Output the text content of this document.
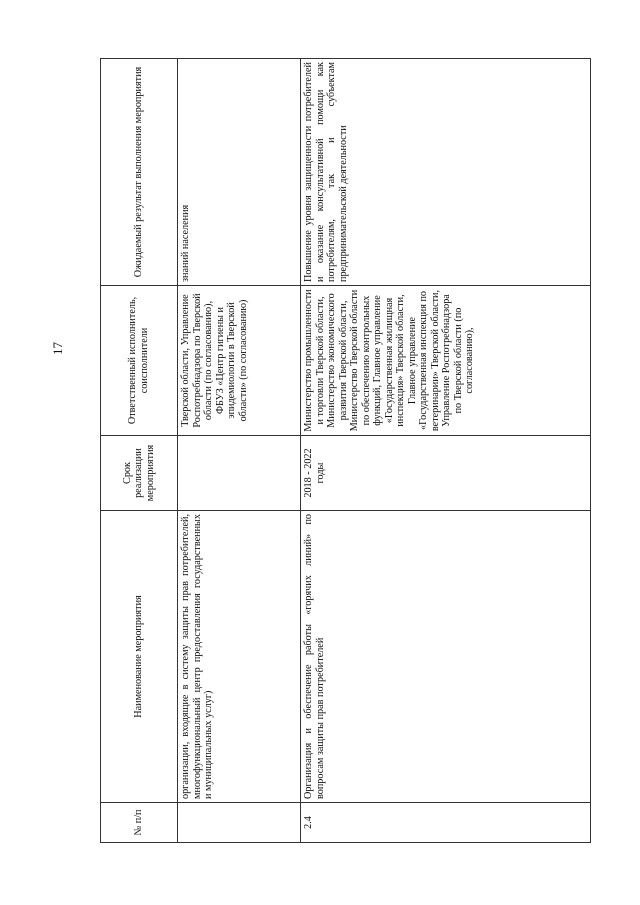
17
№ п/п	Наименование мероприятия	Срок реализации мероприятия	Ответственный исполнитель, соисполнители	Ожидаемый результат выполнения мероприятия
	организации, входящие в систему защиты прав потребителей, многофункциональный центр предоставления государственных и муниципальных услуг)		Тверской области, Управление Роспотребнадзора по Тверской области (по согласованию), ФБУЗ «Центр гигиены и эпидемиологии в Тверской области» (по согласованию)	знаний населения
2.4	Организация и обеспечение работы «горячих линий» по вопросам защиты прав потребителей	2018 - 2022 годы	Министерство промышленности и торговли Тверской области, Министерство экономического развития Тверской области, Министерство Тверской области по обеспечению контрольных функций, Главное управление «Государственная жилищная инспекция» Тверской области, Главное управление «Государственная инспекция по ветеринарии» Тверской области, Управление Роспотребнадзора по Тверской области (по согласованию),	Повышение уровня защищенности потребителей и оказание консультативной помощи как потребителям, так и субъектам предпринимательской деятельности
